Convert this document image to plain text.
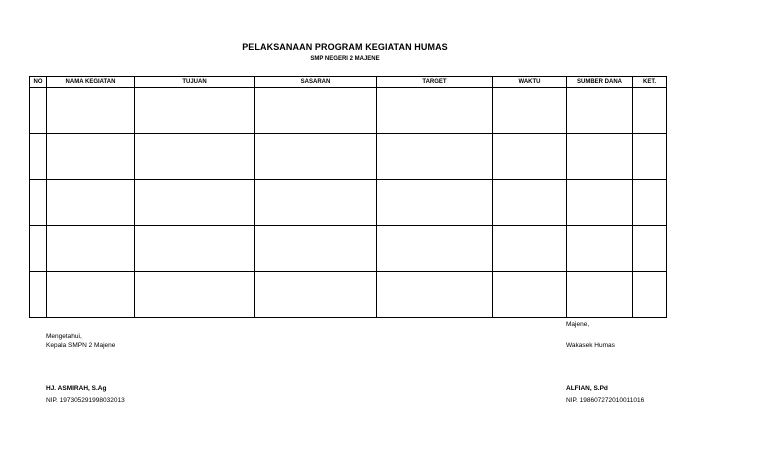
PELAKSANAAN PROGRAM KEGIATAN HUMAS
SMP NEGERI 2 MAJENE
NO	NAMA KEGIATAN	TUJUAN	SASARAN	TARGET	WAKTU	SUMBER DANA	KET.

Mengetahui,
Kepala SMPN 2 Majene
HJ. ASMIRAH, S.Ag
NIP. 197305291998032013
Majene,
Wakasek Humas
ALFIAN, S.Pd
NIP. 198607272010011016
